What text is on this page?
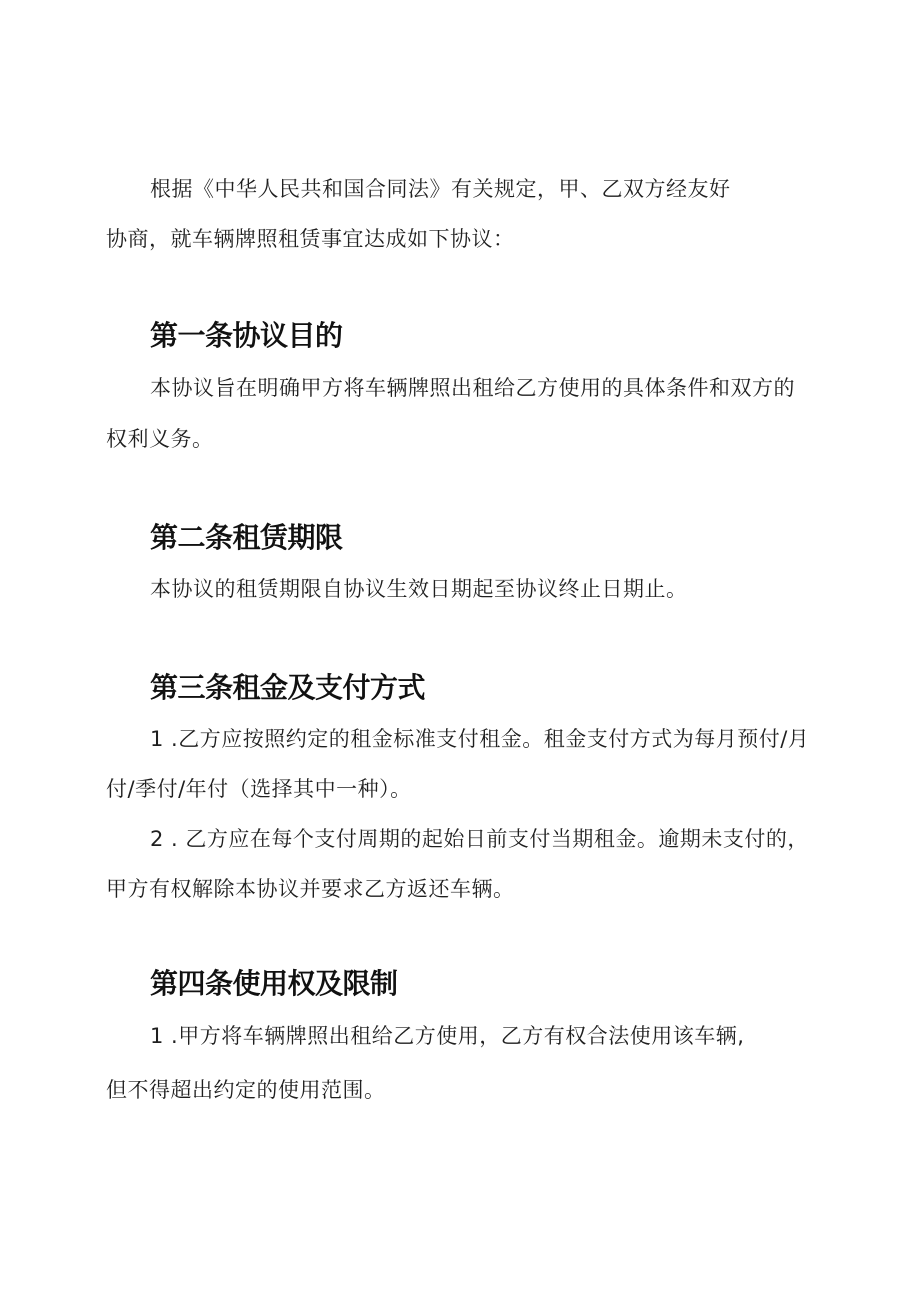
根据《中华人民共和国合同法》有关规定，甲、乙双方经友好
协商，就车辆牌照租赁事宜达成如下协议：
第一条协议目的
本协议旨在明确甲方将车辆牌照出租给乙方使用的具体条件和双方的
权利义务。
第二条租赁期限
本协议的租赁期限自协议生效日期起至协议终止日期止。
第三条租金及支付方式
1 .乙方应按照约定的租金标准支付租金。租金支付方式为每月预付/月
付/季付/年付（选择其中一种）。
2 . 乙方应在每个支付周期的起始日前支付当期租金。逾期未支付的，
甲方有权解除本协议并要求乙方返还车辆。
第四条使用权及限制
1 .甲方将车辆牌照出租给乙方使用，乙方有权合法使用该车辆,
但不得超出约定的使用范围。
